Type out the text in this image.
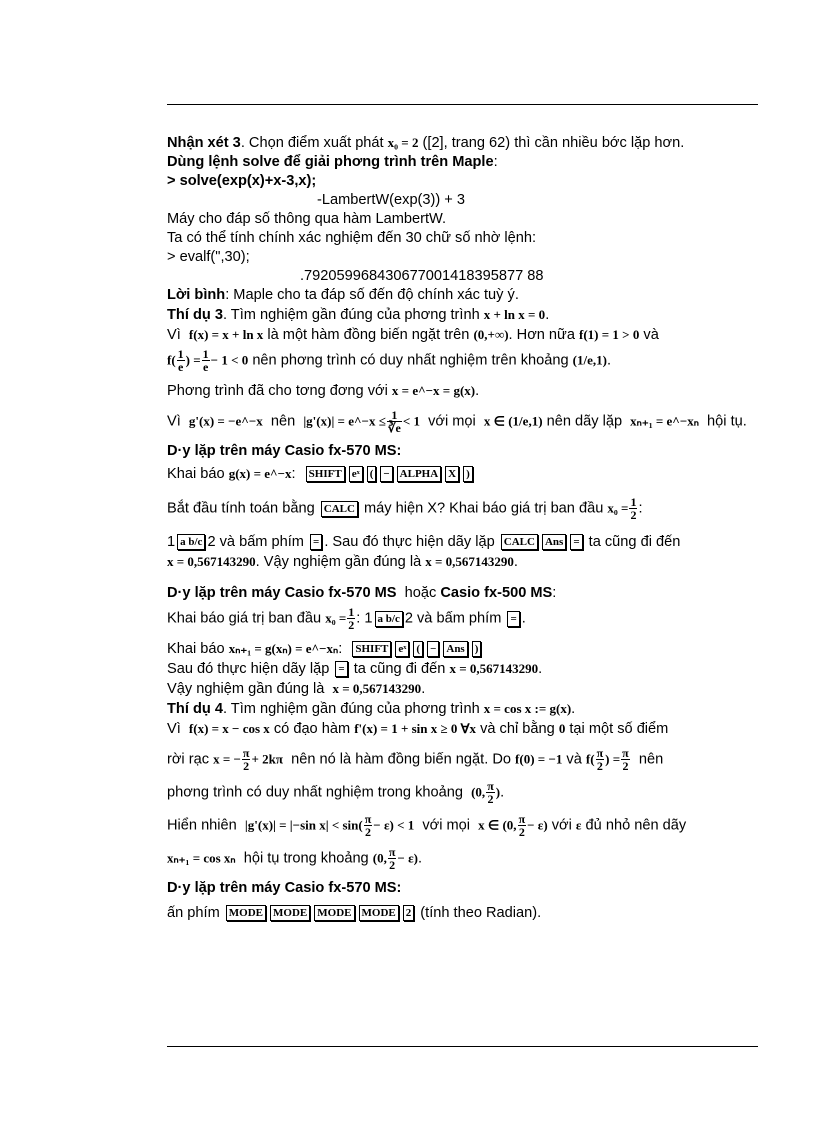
Nhận xét 3. Chọn điểm xuất phát x₀ = 2 ([2], trang 62) thì cần nhiều bớc lặp hơn.

Dùng lệnh solve để giải phơng trình trên Maple:

> solve(exp(x)+x-3,x);

-LambertW(exp(3)) + 3

Máy cho đáp số thông qua hàm LambertW.

Ta có thể tính chính xác nghiệm đến 30 chữ số nhờ lệnh:

> evalf(",30);

.792059968430677001418395877 88

Lời bình: Maple cho ta đáp số đến độ chính xác tuỳ ý.

Thí dụ 3. Tìm nghiệm gần đúng của phơng trình x + ln x = 0.

Vì f(x) = x + ln x là một hàm đồng biến ngặt trên (0,+∞). Hơn nữa f(1) = 1 > 0 và

$f( \frac{1}{e}$ ) = $\frac{1}{e} - 1 < 0$ nên phơng trình có duy nhất nghiệm trên khoảng (1/e,1).

Phơng trình đã cho tơng đơng với x = e^−x = g(x).

Vì g'(x) = −e^−x nên |g'(x)| = e^−x ≤ $\frac{1}{∛e} < 1$ với mọi x ∈ (1/e,1) nên dãy lặp xₙ₊₁ = e^−xₙ hội tụ.

D·y lặp trên máy Casio fx-570 MS:

Khai báo g(x) = e^−x: SHIFT eˣ ( − ALPHA X )

Bắt đầu tính toán bằng CALC máy hiện X? Khai báo giá trị ban đầu $x_0 = \frac{1}{2}$ :

1 a b/c 2 và bấm phím = . Sau đó thực hiện dãy lặp CALC Ans = ta cũng đi đến

x = 0,567143290. Vậy nghiệm gần đúng là x = 0,567143290.

D·y lặp trên máy Casio fx-570 MS hoặc Casio fx-500 MS:

Khai báo giá trị ban đầu $x_0 = \frac{1}{2}$ : 1 a b/c 2 và bấm phím = .

Khai báo xₙ₊₁ = g(xₙ) = e^−xₙ: SHIFT eˣ ( − Ans )

Sau đó thực hiện dãy lặp = ta cũng đi đến x = 0,567143290.

Vậy nghiệm gần đúng là x = 0,567143290.

Thí dụ 4. Tìm nghiệm gần đúng của phơng trình x = cos x := g(x).

Vì f(x) = x − cos x có đạo hàm f'(x) = 1 + sin x ≥ 0 ∀x và chỉ bằng 0 tại một số điểm

rời rạc x = − $\frac{\pi}{2} + 2k\pi$ nên nó là hàm đồng biến ngặt. Do f(0) = −1 và $f( \frac{\pi}{2}$ ) = $\frac{\pi}{2}$ nên

phơng trình có duy nhất nghiệm trong khoảng (0, $\frac{\pi}{2}$ ).

Hiển nhiên |g'(x)| = |−sin $x| < \sin( \frac{\pi}{2} - \varepsilon) < 1$ với mọi x ∈ (0, $\frac{\pi}{2} - \varepsilon$) với ε đủ nhỏ nên dãy

xₙ₊₁ = cos xₙ hội tụ trong khoảng (0, $\frac{\pi}{2} - \varepsilon$).

D·y lặp trên máy Casio fx-570 MS:

ấn phím MODE MODE MODE MODE 2 (tính theo Radian).
